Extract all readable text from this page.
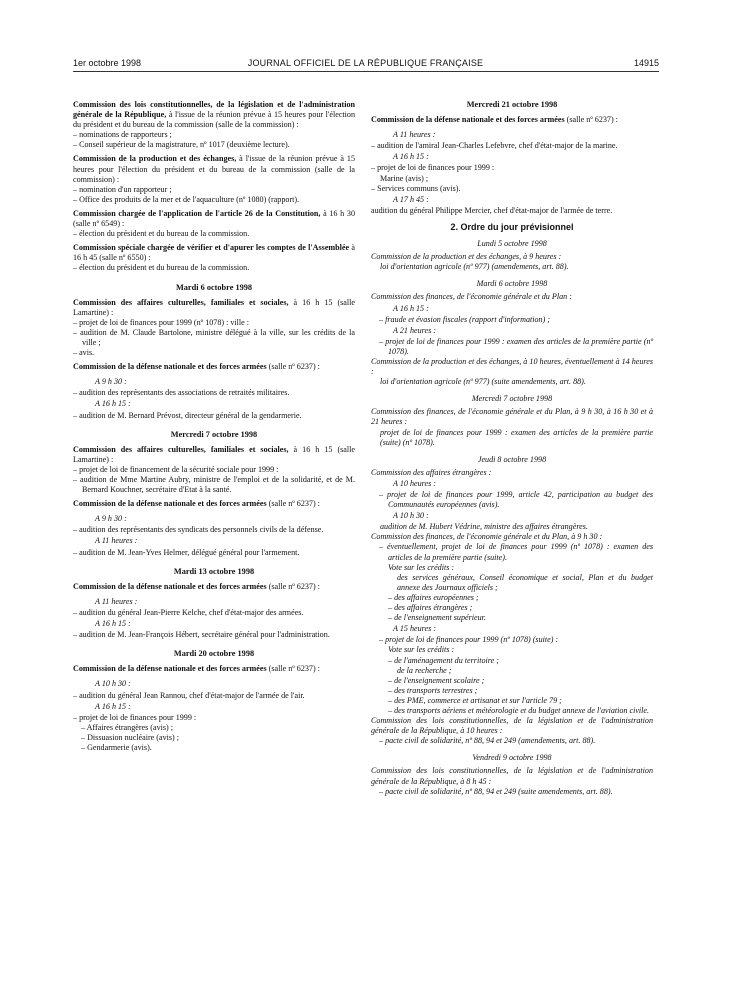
1er octobre 1998	JOURNAL OFFICIEL DE LA RÉPUBLIQUE FRANÇAISE	14915

Commission des lois constitutionnelles, de la législation et de l'administration générale de la République, à l'issue de la réunion prévue à 15 heures pour l'élection du président et du bureau de la commission (salle de la commission) :

– nominations de rapporteurs ;

– Conseil supérieur de la magistrature, nº 1017 (deuxième lecture).

Commission de la production et des échanges, à l'issue de la réunion prévue à 15 heures pour l'élection du président et du bureau de la commission (salle de la commission) :

– nomination d'un rapporteur ;

– Office des produits de la mer et de l'aquaculture (nº 1080) (rapport).

Commission chargée de l'application de l'article 26 de la Constitution, à 16 h 30 (salle nº 6549) :

– élection du président et du bureau de la commission.

Commission spéciale chargée de vérifier et d'apurer les comptes de l'Assemblée à 16 h 45 (salle nº 6550) :

– élection du président et du bureau de la commission.

Mardi 6 octobre 1998

Commission des affaires culturelles, familiales et sociales, à 16 h 15 (salle Lamartine) :

– projet de loi de finances pour 1999 (nº 1078) : ville :

– audition de M. Claude Bartolone, ministre délégué à la ville, sur les crédits de la ville ;

– avis.

Commission de la défense nationale et des forces armées (salle nº 6237) :

A 9 h 30 :

– audition des représentants des associations de retraités militaires.

A 16 h 15 :

– audition de M. Bernard Prévost, directeur général de la gendarmerie.

Mercredi 7 octobre 1998

Commission des affaires culturelles, familiales et sociales, à 16 h 15 (salle Lamartine) :

– projet de loi de financement de la sécurité sociale pour 1999 :

– audition de Mme Martine Aubry, ministre de l'emploi et de la solidarité, et de M. Bernard Kouchner, secrétaire d'Etat à la santé.

Commission de la défense nationale et des forces armées (salle nº 6237) :

A 9 h 30 :

– audition des représentants des syndicats des personnels civils de la défense.

A 11 heures :

– audition de M. Jean-Yves Helmer, délégué général pour l'armement.

Mardi 13 octobre 1998

Commission de la défense nationale et des forces armées (salle nº 6237) :

A 11 heures :

– audition du général Jean-Pierre Kelche, chef d'état-major des armées.

A 16 h 15 :

– audition de M. Jean-François Hébert, secrétaire général pour l'administration.

Mardi 20 octobre 1998

Commission de la défense nationale et des forces armées (salle nº 6237) :

A 10 h 30 :

– audition du général Jean Rannou, chef d'état-major de l'armée de l'air.

A 16 h 15 :

– projet de loi de finances pour 1999 :

– Affaires étrangères (avis) ;

– Dissuasion nucléaire (avis) ;

– Gendarmerie (avis).

Mercredi 21 octobre 1998

Commission de la défense nationale et des forces armées (salle nº 6237) :

A 11 heures :

– audition de l'amiral Jean-Charles Lefebvre, chef d'état-major de la marine.

A 16 h 15 :

– projet de loi de finances pour 1999 :

Marine (avis) ;

– Services communs (avis).

A 17 h 45 :

audition du général Philippe Mercier, chef d'état-major de l'armée de terre.

2. Ordre du jour prévisionnel

Lundi 5 octobre 1998

Commission de la production et des échanges, à 9 heures :

loi d'orientation agricole (nº 977) (amendements, art. 88).

Mardi 6 octobre 1998

Commission des finances, de l'économie générale et du Plan :

A 16 h 15 :

– fraude et évasion fiscales (rapport d'information) ;

A 21 heures :

– projet de loi de finances pour 1999 : examen des articles de la première partie (nº 1078).

Commission de la production et des échanges, à 10 heures, éventuellement à 14 heures :

loi d'orientation agricole (nº 977) (suite amendements, art. 88).

Mercredi 7 octobre 1998

Commission des finances, de l'économie générale et du Plan, à 9 h 30, à 16 h 30 et à 21 heures :

projet de loi de finances pour 1999 : examen des articles de la première partie (suite) (nº 1078).

Jeudi 8 octobre 1998

Commission des affaires étrangères :

A 10 heures :

– projet de loi de finances pour 1999, article 42, participation au budget des Communautés européennes (avis).

A 10 h 30 :

audition de M. Hubert Védrine, ministre des affaires étrangères.

Commission des finances, de l'économie générale et du Plan, à 9 h 30 :

– éventuellement, projet de loi de finances pour 1999 (nº 1078) : examen des articles de la première partie (suite).

Vote sur les crédits :

des services généraux, Conseil économique et social, Plan et du budget annexe des Journaux officiels ;

– des affaires européennes ;

– des affaires étrangères ;

– de l'enseignement supérieur.

A 15 heures :

– projet de loi de finances pour 1999 (nº 1078) (suite) :

Vote sur les crédits :

– de l'aménagement du territoire ;

de la recherche ;

– de l'enseignement scolaire ;

– des transports terrestres ;

– des PME, commerce et artisanat et sur l'article 79 ;

– des transports aériens et météorologie et du budget annexe de l'aviation civile.

Commission des lois constitutionnelles, de la législation et de l'administration générale de la République, à 10 heures :

– pacte civil de solidarité, nº 88, 94 et 249 (amendements, art. 88).

Vendredi 9 octobre 1998

Commission des lois constitutionnelles, de la législation et de l'administration générale de la République, à 8 h 45 :

– pacte civil de solidarité, nº 88, 94 et 249 (suite amendements, art. 88).
